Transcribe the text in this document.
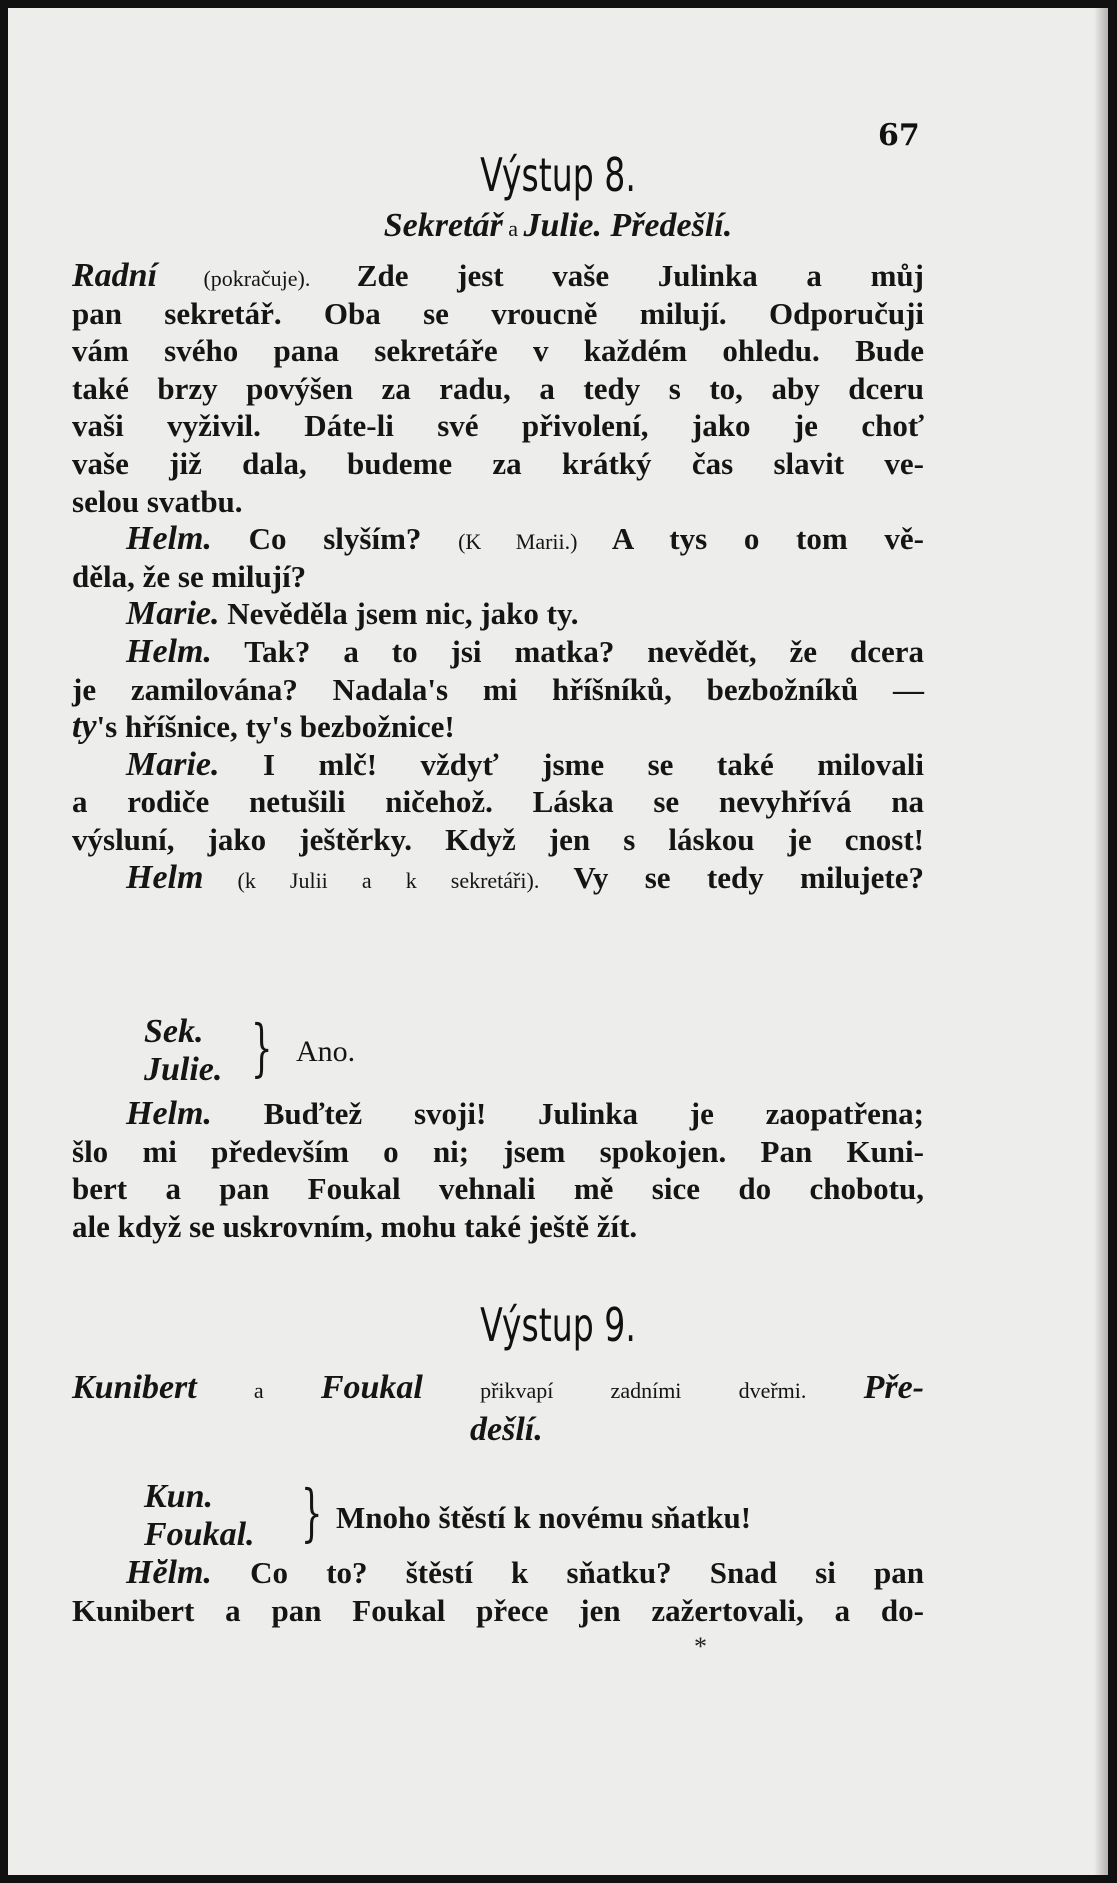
67
Výstup 8.
Sekretář a Julie. Předešlí.
Radní (pokračuje). Zde jest vaše Julinka a můj
pan sekretář. Oba se vroucně milují. Odporučuji
vám svého pana sekretáře v každém ohledu. Bude
také brzy povýšen za radu, a tedy s to, aby dceru
vaši vyživil. Dáte-li své přivolení, jako je choť
vaše již dala, budeme za krátký čas slavit ve-
selou svatbu.
Helm. Co slyším? (K Marii.) A tys o tom vě-
děla, že se milují?
Marie. Nevěděla jsem nic, jako ty.
Helm. Tak? a to jsi matka? nevědět, že dcera
je zamilována? Nadala's mi hříšníků, bezbožníků —
ty's hříšnice, ty's bezbožnice!
Marie. I mlč! vždyť jsme se také milovali
a rodiče netušili ničehož. Láska se nevyhřívá na
výsluní, jako ještěrky. Když jen s láskou je cnost!
Helm (k Julii a k sekretáři). Vy se tedy milujete?
Sek.
Julie. } Ano.
Helm. Buďtež svoji! Julinka je zaopatřena;
šlo mi především o ni; jsem spokojen. Pan Kuni-
bert a pan Foukal vehnali mě sice do chobotu,
ale když se uskrovním, mohu také ještě žít.
Výstup 9.
Kunibert a Foukal přikvapí zadními dveřmi. Pře-
dešlí.
Kun.
Foukal. } Mnoho štěstí k novému sňatku!
Hĕlm. Co to? štěstí k sňatku? Snad si pan
Kunibert a pan Foukal přece jen zažertovali, a do-
*
